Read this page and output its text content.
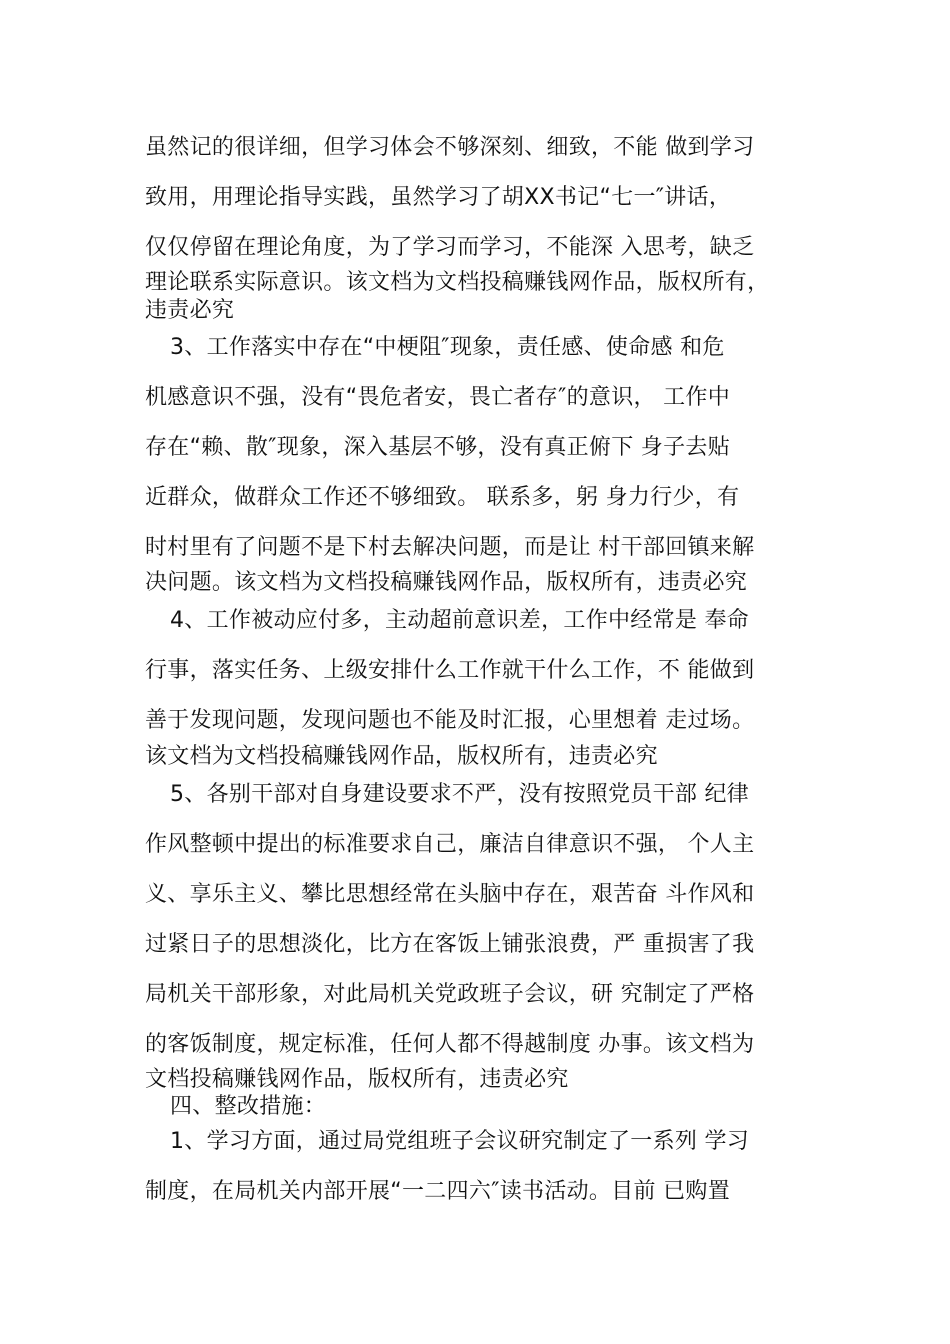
虽然记的很详细，但学习体会不够深刻、细致，不能 做到学习
致用，用理论指导实践，虽然学习了胡XX书记“七一″讲话，
仅仅停留在理论角度，为了学习而学习，不能深 入思考，缺乏
理论联系实际意识。该文档为文档投稿赚钱网作品，版权所有，
违责必究
3、工作落实中存在“中梗阻″现象，责任感、使命感 和危
机感意识不强，没有“畏危者安，畏亡者存″的意识， 工作中
存在“赖、散″现象，深入基层不够，没有真正俯下 身子去贴
近群众，做群众工作还不够细致。 联系多，躬 身力行少，有
时村里有了问题不是下村去解决问题，而是让 村干部回镇来解
决问题。该文档为文档投稿赚钱网作品，版权所有，违责必究
4、工作被动应付多，主动超前意识差，工作中经常是 奉命
行事，落实任务、上级安排什么工作就干什么工作，不 能做到
善于发现问题，发现问题也不能及时汇报，心里想着 走过场。
该文档为文档投稿赚钱网作品，版权所有，违责必究
5、各别干部对自身建设要求不严，没有按照党员干部 纪律
作风整顿中提出的标准要求自己，廉洁自律意识不强， 个人主
义、享乐主义、攀比思想经常在头脑中存在，艰苦奋 斗作风和
过紧日子的思想淡化，比方在客饭上铺张浪费，严 重损害了我
局机关干部形象，对此局机关党政班子会议，研 究制定了严格
的客饭制度，规定标准，任何人都不得越制度 办事。该文档为
文档投稿赚钱网作品，版权所有，违责必究
四、整改措施：
1、学习方面，通过局党组班子会议研究制定了一系列 学习
制度，在局机关内部开展“一二四六″读书活动。目前 已购置
